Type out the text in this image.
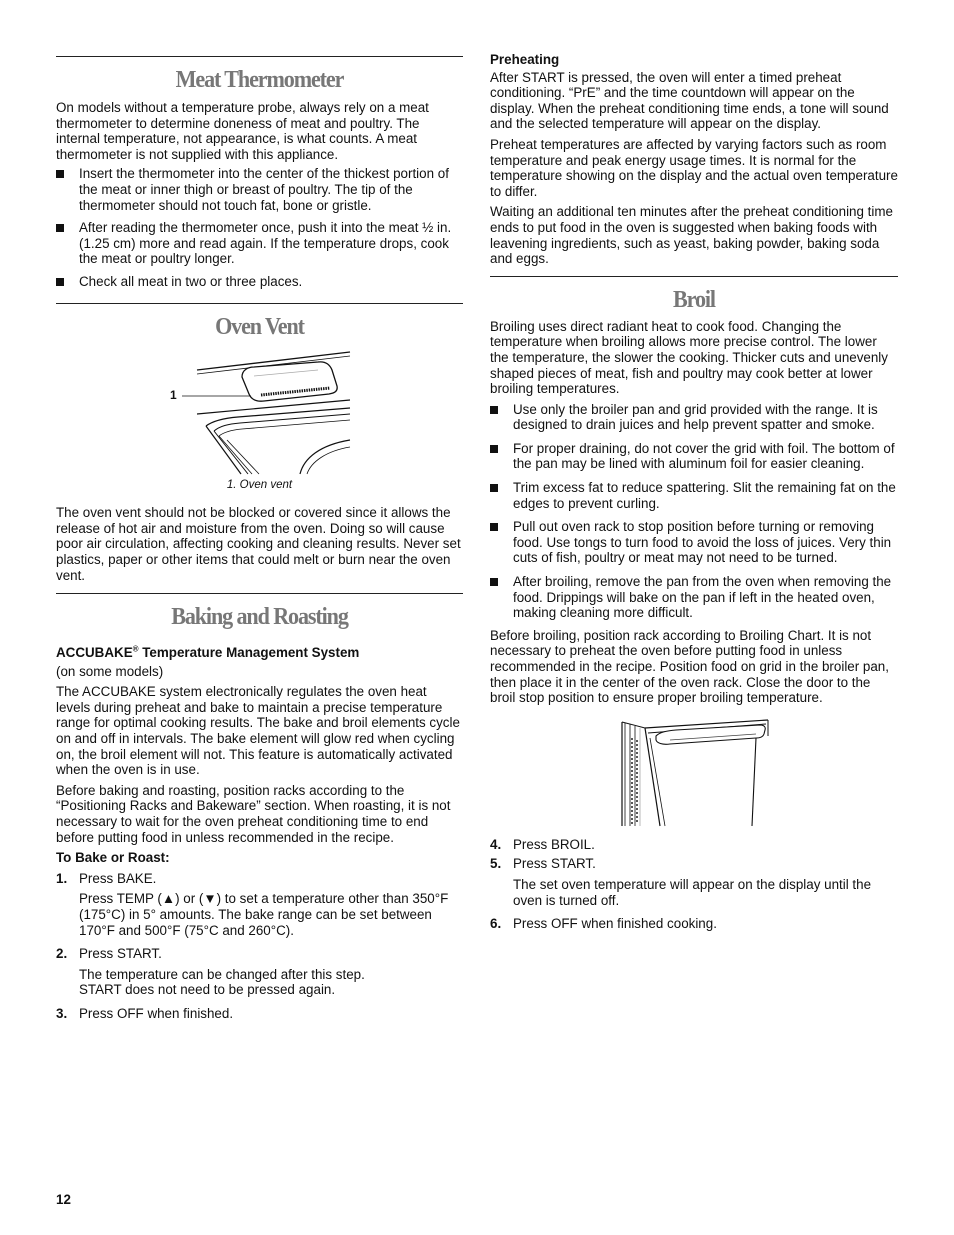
Meat Thermometer

On models without a temperature probe, always rely on a meat thermometer to determine doneness of meat and poultry. The internal temperature, not appearance, is what counts. A meat thermometer is not supplied with this appliance.

Insert the thermometer into the center of the thickest portion of the meat or inner thigh or breast of poultry. The tip of the thermometer should not touch fat, bone or gristle.
After reading the thermometer once, push it into the meat ½ in. (1.25 cm) more and read again. If the temperature drops, cook the meat or poultry longer.
Check all meat in two or three places.
Oven Vent
1

1. Oven vent

The oven vent should not be blocked or covered since it allows the release of hot air and moisture from the oven. Doing so will cause poor air circulation, affecting cooking and cleaning results. Never set plastics, paper or other items that could melt or burn near the oven vent.

Baking and Roasting

ACCUBAKE® Temperature Management System

(on some models)

The ACCUBAKE system electronically regulates the oven heat levels during preheat and bake to maintain a precise temperature range for optimal cooking results. The bake and broil elements cycle on and off in intervals. The bake element will glow red when cycling on, the broil element will not. This feature is automatically activated when the oven is in use.

Before baking and roasting, position racks according to the “Positioning Racks and Bakeware” section. When roasting, it is not necessary to wait for the oven preheat conditioning time to end before putting food in unless recommended in the recipe.

To Bake or Roast:

1. Press BAKE.

Press TEMP (▲) or (▼) to set a temperature other than 350°F (175°C) in 5° amounts. The bake range can be set between 170°F and 500°F (75°C and 260°C).

2. Press START.

The temperature can be changed after this step.
START does not need to be pressed again.

3. Press OFF when finished.

Preheating

After START is pressed, the oven will enter a timed preheat conditioning. “PrE” and the time countdown will appear on the display. When the preheat conditioning time ends, a tone will sound and the selected temperature will appear on the display.

Preheat temperatures are affected by varying factors such as room temperature and peak energy usage times. It is normal for the temperature showing on the display and the actual oven temperature to differ.

Waiting an additional ten minutes after the preheat conditioning time ends to put food in the oven is suggested when baking foods with leavening ingredients, such as yeast, baking powder, baking soda and eggs.

Broil

Broiling uses direct radiant heat to cook food. Changing the temperature when broiling allows more precise control. The lower the temperature, the slower the cooking. Thicker cuts and unevenly shaped pieces of meat, fish and poultry may cook better at lower broiling temperatures.

Use only the broiler pan and grid provided with the range. It is designed to drain juices and help prevent spatter and smoke.
For proper draining, do not cover the grid with foil. The bottom of the pan may be lined with aluminum foil for easier cleaning.
Trim excess fat to reduce spattering. Slit the remaining fat on the edges to prevent curling.
Pull out oven rack to stop position before turning or removing food. Use tongs to turn food to avoid the loss of juices. Very thin cuts of fish, poultry or meat may not need to be turned.
After broiling, remove the pan from the oven when removing the food. Drippings will bake on the pan if left in the heated oven, making cleaning more difficult.

Before broiling, position rack according to Broiling Chart. It is not necessary to preheat the oven before putting food in unless recommended in the recipe. Position food on grid in the broiler pan, then place it in the center of the oven rack. Close the door to the broil stop position to ensure proper broiling temperature.

4. Press BROIL.
5. Press START.

The set oven temperature will appear on the display until the oven is turned off.

6. Press OFF when finished cooking.
12
